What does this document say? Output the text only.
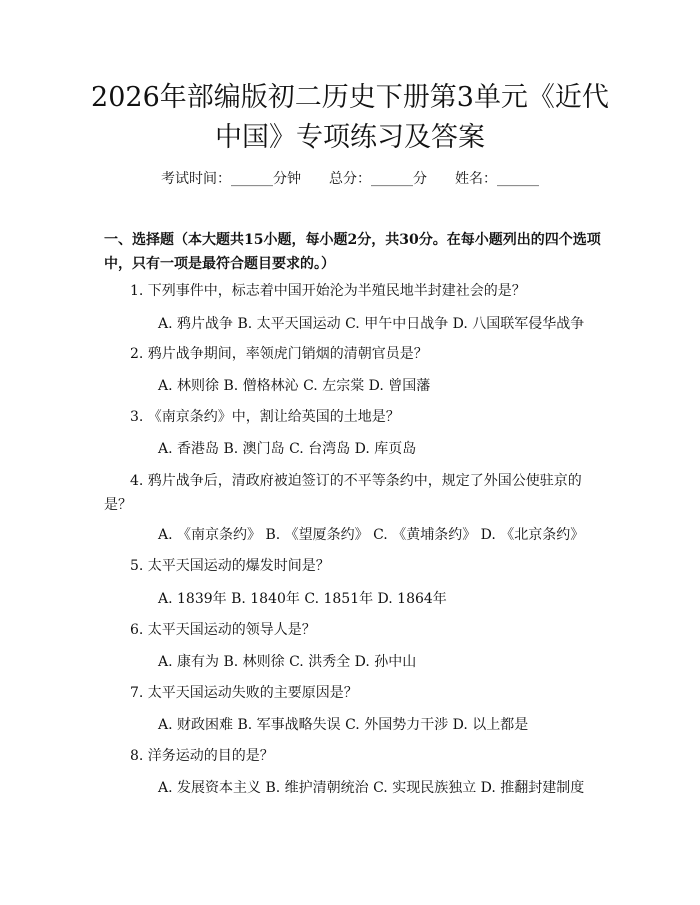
2026年部编版初二历史下册第3单元《近代
中国》专项练习及答案
考试时间：______分钟 总分：______分 姓名：______

一、选择题（本大题共15小题，每小题2分，共30分。在每小题列出的四个选项中，只有一项是最符合题目要求的。）

1. 下列事件中，标志着中国开始沦为半殖民地半封建社会的是？
A. 鸦片战争 B. 太平天国运动 C. 甲午中日战争 D. 八国联军侵华战争
2. 鸦片战争期间，率领虎门销烟的清朝官员是？
A. 林则徐 B. 僧格林沁 C. 左宗棠 D. 曾国藩
3. 《南京条约》中，割让给英国的土地是？
A. 香港岛 B. 澳门岛 C. 台湾岛 D. 库页岛
4. 鸦片战争后，清政府被迫签订的不平等条约中，规定了外国公使驻京的是？
A. 《南京条约》 B. 《望厦条约》 C. 《黄埔条约》 D. 《北京条约》
5. 太平天国运动的爆发时间是？
A. 1839年 B. 1840年 C. 1851年 D. 1864年
6. 太平天国运动的领导人是？
A. 康有为 B. 林则徐 C. 洪秀全 D. 孙中山
7. 太平天国运动失败的主要原因是？
A. 财政困难 B. 军事战略失误 C. 外国势力干涉 D. 以上都是
8. 洋务运动的目的是？
A. 发展资本主义 B. 维护清朝统治 C. 实现民族独立 D. 推翻封建制度
